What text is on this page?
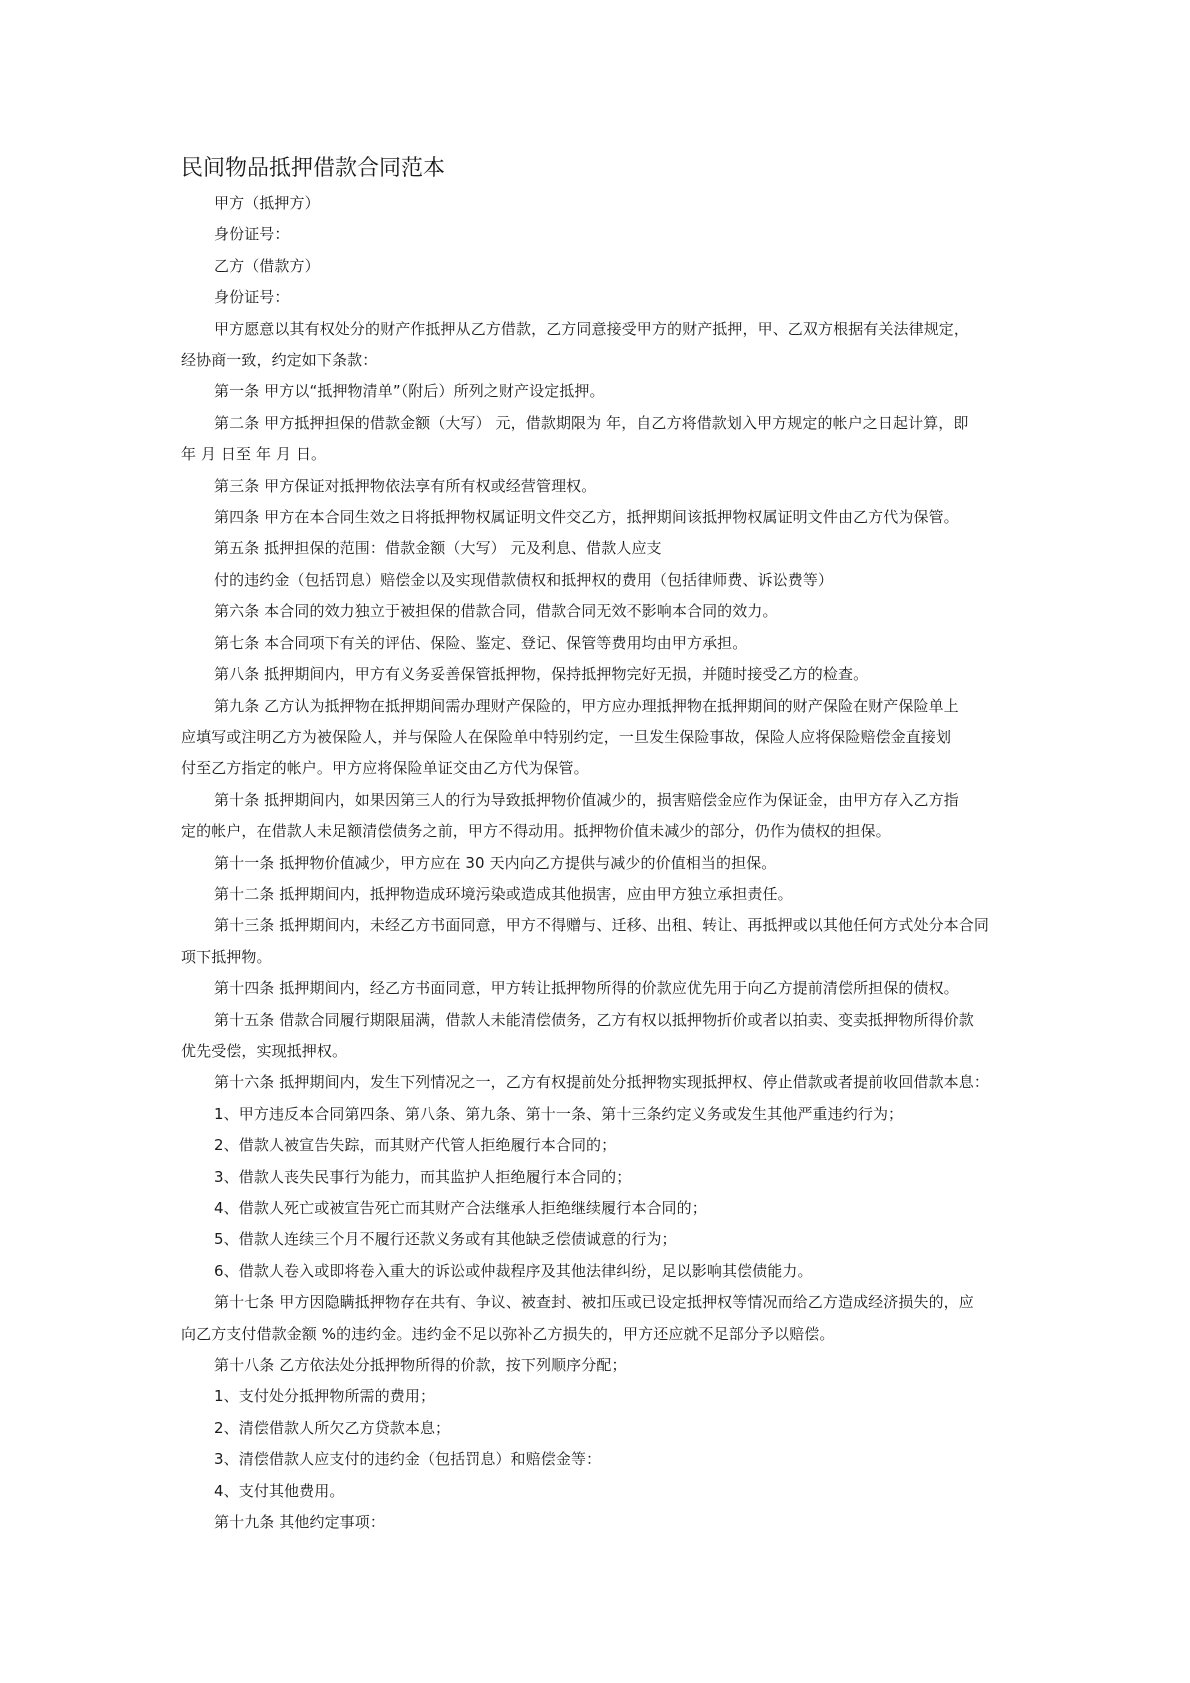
民间物品抵押借款合同范本

甲方（抵押方）

身份证号：

乙方（借款方）

身份证号：

甲方愿意以其有权处分的财产作抵押从乙方借款，乙方同意接受甲方的财产抵押，甲、乙双方根据有关法律规定，
经协商一致，约定如下条款：

第一条 甲方以“抵押物清单”（附后）所列之财产设定抵押。

第二条 甲方抵押担保的借款金额（大写） 元，借款期限为 年，自乙方将借款划入甲方规定的帐户之日起计算，即
年 月 日至 年 月 日。

第三条 甲方保证对抵押物依法享有所有权或经营管理权。

第四条 甲方在本合同生效之日将抵押物权属证明文件交乙方，抵押期间该抵押物权属证明文件由乙方代为保管。

第五条 抵押担保的范围：借款金额（大写） 元及利息、借款人应支

付的违约金（包括罚息）赔偿金以及实现借款债权和抵押权的费用（包括律师费、诉讼费等）

第六条 本合同的效力独立于被担保的借款合同，借款合同无效不影响本合同的效力。

第七条 本合同项下有关的评估、保险、鉴定、登记、保管等费用均由甲方承担。

第八条 抵押期间内，甲方有义务妥善保管抵押物，保持抵押物完好无损，并随时接受乙方的检查。

第九条 乙方认为抵押物在抵押期间需办理财产保险的，甲方应办理抵押物在抵押期间的财产保险在财产保险单上
应填写或注明乙方为被保险人，并与保险人在保险单中特别约定，一旦发生保险事故，保险人应将保险赔偿金直接划
付至乙方指定的帐户。甲方应将保险单证交由乙方代为保管。

第十条 抵押期间内，如果因第三人的行为导致抵押物价值减少的，损害赔偿金应作为保证金，由甲方存入乙方指
定的帐户，在借款人未足额清偿债务之前，甲方不得动用。抵押物价值未减少的部分，仍作为债权的担保。

第十一条 抵押物价值减少，甲方应在 30 天内向乙方提供与减少的价值相当的担保。

第十二条 抵押期间内，抵押物造成环境污染或造成其他损害，应由甲方独立承担责任。

第十三条 抵押期间内，未经乙方书面同意，甲方不得赠与、迁移、出租、转让、再抵押或以其他任何方式处分本合同
项下抵押物。

第十四条 抵押期间内，经乙方书面同意，甲方转让抵押物所得的价款应优先用于向乙方提前清偿所担保的债权。

第十五条 借款合同履行期限届满，借款人未能清偿债务，乙方有权以抵押物折价或者以拍卖、变卖抵押物所得价款
优先受偿，实现抵押权。

第十六条 抵押期间内，发生下列情况之一，乙方有权提前处分抵押物实现抵押权、停止借款或者提前收回借款本息：

1、甲方违反本合同第四条、第八条、第九条、第十一条、第十三条约定义务或发生其他严重违约行为；

2、借款人被宣告失踪，而其财产代管人拒绝履行本合同的；

3、借款人丧失民事行为能力，而其监护人拒绝履行本合同的；

4、借款人死亡或被宣告死亡而其财产合法继承人拒绝继续履行本合同的；

5、借款人连续三个月不履行还款义务或有其他缺乏偿债诚意的行为；

6、借款人卷入或即将卷入重大的诉讼或仲裁程序及其他法律纠纷，足以影响其偿债能力。

第十七条 甲方因隐瞒抵押物存在共有、争议、被查封、被扣压或已设定抵押权等情况而给乙方造成经济损失的，应
向乙方支付借款金额 %的违约金。违约金不足以弥补乙方损失的，甲方还应就不足部分予以赔偿。

第十八条 乙方依法处分抵押物所得的价款，按下列顺序分配；

1、支付处分抵押物所需的费用；

2、清偿借款人所欠乙方贷款本息；

3、清偿借款人应支付的违约金（包括罚息）和赔偿金等：

4、支付其他费用。

第十九条 其他约定事项：
